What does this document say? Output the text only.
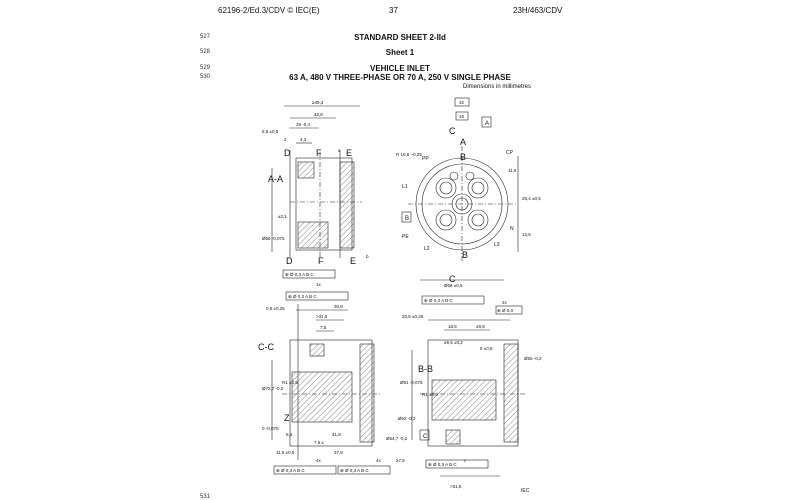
62196-2/Ed.3/CDV © IEC(E)	37	23H/463/CDV
527
528
529
530
531
STANDARD SHEET 2-IId
Sheet 1
VEHICLE INLET
63 A, 480 V THREE-PHASE OR 70 A, 250 V SINGLE PHASE
Dimensions in millimetres
A-A
C-C
B-B
D	F	E
D	F	E
A
B
C
B
C
Z
PP
CP
L1
L2
L3
N
PE
A
B
C
≥49,3
42,8
28 -0,4
4,3
6,5 ±0,5
2
32
16
11,5
25,4 ±0,5
13,5
Ø66 ±0,5
R 16,6 −0,25
Ø56 -0,075
±2,1
0,5 ±0,25	30,8
>31,5
7,5
Ø72,7 -0,2
R1 ±0,5
0 -0,075
5,5
7,5 ±
41,8
11,5 ±0,5	37,8
20,5 ±0,25
18,5	28,8
≥9,5 ±0,2
5 ±0,8
Ø55 -0,2
Ø91 -0,075
R1 ±0,5
Ø62 -0,2
Ø64,7 -0,2
≥7,5
>31,5
⊕ Ø 0,3 A B C
⊕ Ø 0,3 A B C
⊕ Ø 0,3 A B C	⊕ Ø 0,3 A B C
⊕ Ø 0,3 A B C
⊕ Ø 0,3
⊕ Ø 0,3 A B C
1x
4x	4x
2x
a
b
c
IEC
